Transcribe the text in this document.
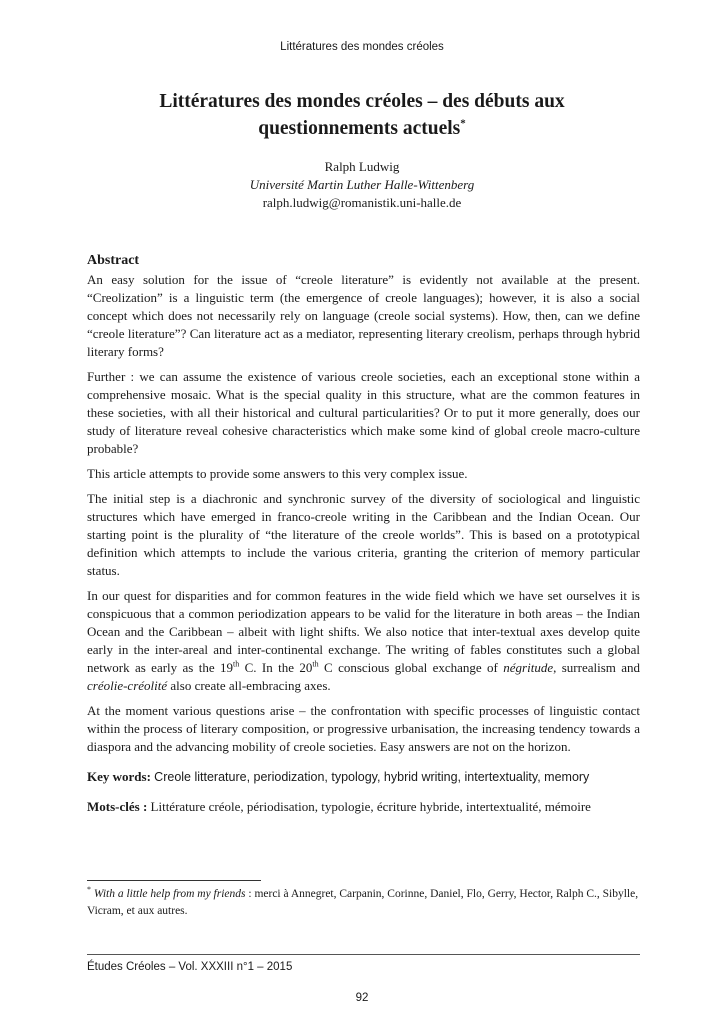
Littératures des mondes créoles
Littératures des mondes créoles – des débuts aux
questionnements actuels*
Ralph Ludwig
Université Martin Luther Halle-Wittenberg
ralph.ludwig@romanistik.uni-halle.de
Abstract

An easy solution for the issue of “creole literature” is evidently not available at the present. “Creolization” is a linguistic term (the emergence of creole languages); however, it is also a social concept which does not necessarily rely on language (creole social systems). How, then, can we define “creole literature”? Can literature act as a mediator, representing literary creolism, perhaps through hybrid literary forms?

Further : we can assume the existence of various creole societies, each an exceptional stone within a comprehensive mosaic. What is the special quality in this structure, what are the common features in these societies, with all their historical and cultural particularities? Or to put it more generally, does our study of literature reveal cohesive characteristics which make some kind of global creole macro-culture probable?

This article attempts to provide some answers to this very complex issue.

The initial step is a diachronic and synchronic survey of the diversity of sociological and linguistic structures which have emerged in franco-creole writing in the Caribbean and the Indian Ocean. Our starting point is the plurality of “the literature of the creole worlds”. This is based on a prototypical definition which attempts to include the various criteria, granting the criterion of memory particular status.

In our quest for disparities and for common features in the wide field which we have set ourselves it is conspicuous that a common periodization appears to be valid for the literature in both areas – the Indian Ocean and the Caribbean – albeit with light shifts. We also notice that inter-textual axes develop quite early in the inter-areal and inter-continental exchange. The writing of fables constitutes such a global network as early as the 19th C. In the 20th C conscious global exchange of négritude, surrealism and créolie-créolité also create all-embracing axes.

At the moment various questions arise – the confrontation with specific processes of linguistic contact within the process of literary composition, or progressive urbanisation, the increasing tendency towards a diaspora and the advancing mobility of creole societies. Easy answers are not on the horizon.

Key words: Creole litterature, periodization, typology, hybrid writing, intertextuality, memory

Mots-clés : Littérature créole, périodisation, typologie, écriture hybride, intertextualité, mémoire

* With a little help from my friends : merci à Annegret, Carpanin, Corinne, Daniel, Flo, Gerry, Hector, Ralph C., Sibylle, Vicram, et aux autres.
Études Créoles – Vol. XXXIII n°1 – 2015
92
